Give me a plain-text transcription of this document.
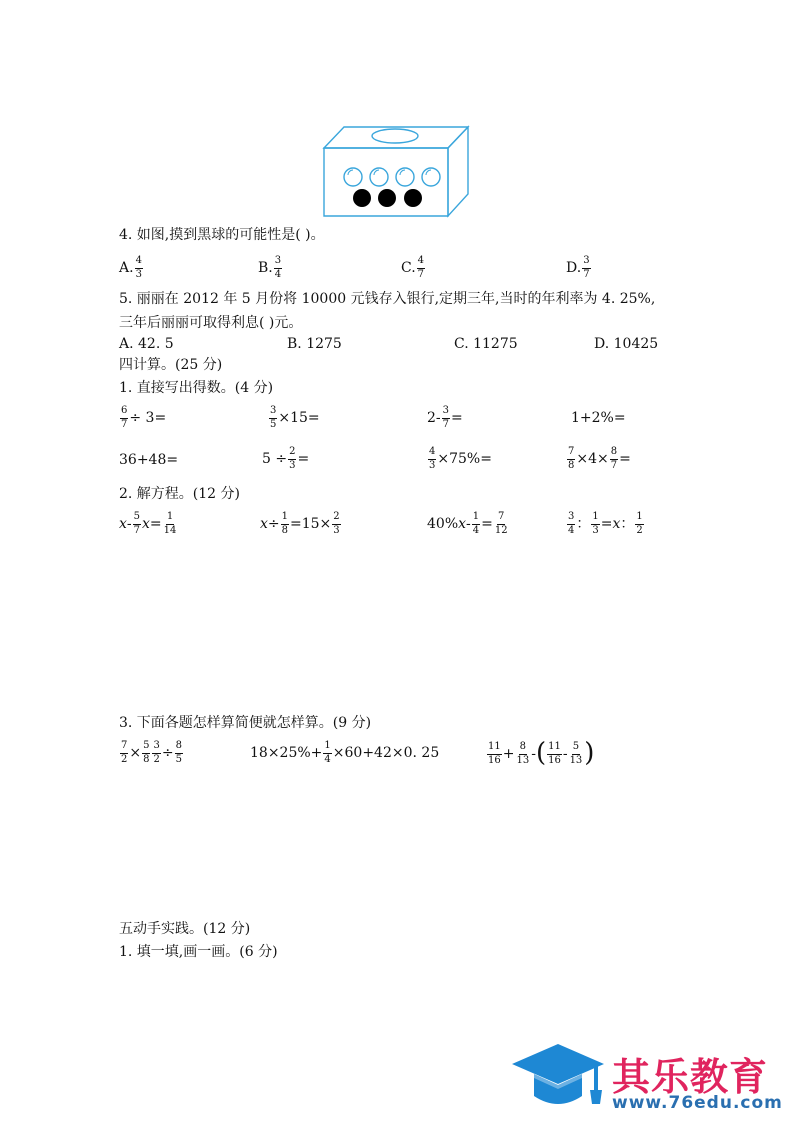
4. 如图,摸到黑球的可能性是( )。
A. $\frac{4}{3}$	B. $\frac{3}{4}$	C. $\frac{4}{7}$	D. $\frac{3}{7}$
5. 丽丽在 2012 年 5 月份将 10000 元钱存入银行,定期三年,当时的年利率为 4. 25%,
三年后丽丽可取得利息( )元。
A. 42. 5	B. 1275	C. 11275	D. 10425
四计算。(25 分)
1. 直接写出得数。(4 分)
$\frac{6}{7} \div 3=$	$\frac{3}{5} \times 15=$	$2- \frac{3}{7}$ =	1+2%=
36+48=	$5 \div \frac{2}{3}$ =	$\frac{4}{3} \times 75\%=$	$\frac{7}{8} \times 4\times \frac{8}{7}$ =
2. 解方程。(12 分)
x - $\frac{5}{7}$ $x = \frac{1}{14}$	$x \div \frac{1}{8} =15\times \frac{2}{3}$	40% $x - \frac{1}{4} = \frac{7}{12}$	$\frac{3}{4}$ ： $\frac{1}{3} = x$ ： $\frac{1}{2}$
3. 下面各题怎样算简便就怎样算。(9 分)
$\frac{7}{2} \times \frac{5}{8} \frac{3}{2} \div \frac{8}{5}$	$18\times 25\%+ \frac{1}{4} \times 60+42\times 0$. 25	$\frac{11}{16} + \frac{8}{13}$ - ( $\frac{11}{16} - \frac{5}{13}$ )
五动手实践。(12 分)
1. 填一填,画一画。(6 分)
其乐教育
www.76edu.com
